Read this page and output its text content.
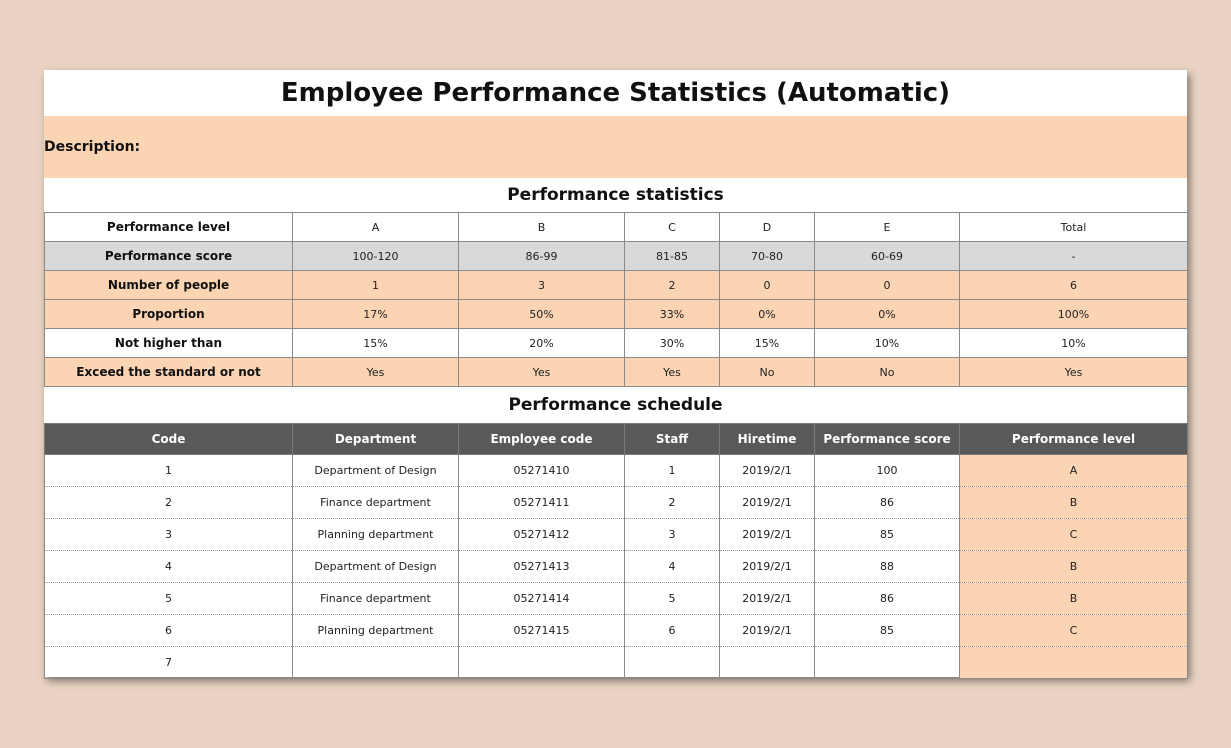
Employee Performance Statistics (Automatic)
Description:
Performance statistics
Performance level	A	B	C	D	E	Total
Performance score	100-120	86-99	81-85	70-80	60-69	-
Number of people	1	3	2	0	0	6
Proportion	17%	50%	33%	0%	0%	100%
Not higher than	15%	20%	30%	15%	10%	10%
Exceed the standard or not	Yes	Yes	Yes	No	No	Yes
Performance schedule
Code	Department	Employee code	Staff	Hiretime	Performance score	Performance level
1	Department of Design	05271410	1	2019/2/1	100	A
2	Finance department	05271411	2	2019/2/1	86	B
3	Planning department	05271412	3	2019/2/1	85	C
4	Department of Design	05271413	4	2019/2/1	88	B
5	Finance department	05271414	5	2019/2/1	86	B
6	Planning department	05271415	6	2019/2/1	85	C
7						
